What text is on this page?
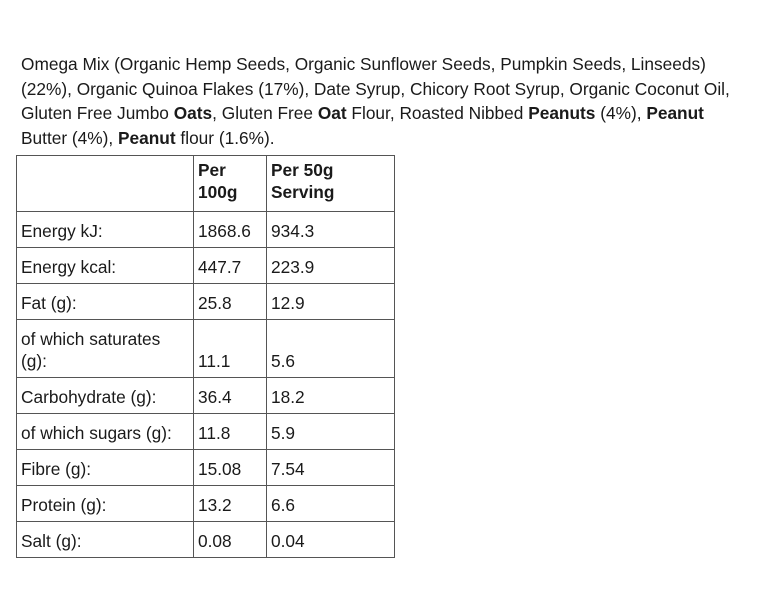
Omega Mix (Organic Hemp Seeds, Organic Sunflower Seeds, Pumpkin Seeds, Linseeds) (22%), Organic Quinoa Flakes (17%), Date Syrup, Chicory Root Syrup, Organic Coconut Oil, Gluten Free Jumbo Oats, Gluten Free Oat Flour, Roasted Nibbed Peanuts (4%), Peanut Butter (4%), Peanut flour (1.6%).
	Per 100g	Per 50g Serving
Energy kJ:	1868.6	934.3
Energy kcal:	447.7	223.9
Fat (g):	25.8	12.9
of which saturates (g):	11.1	5.6
Carbohydrate (g):	36.4	18.2
of which sugars (g):	11.8	5.9
Fibre (g):	15.08	7.54
Protein (g):	13.2	6.6
Salt (g):	0.08	0.04
